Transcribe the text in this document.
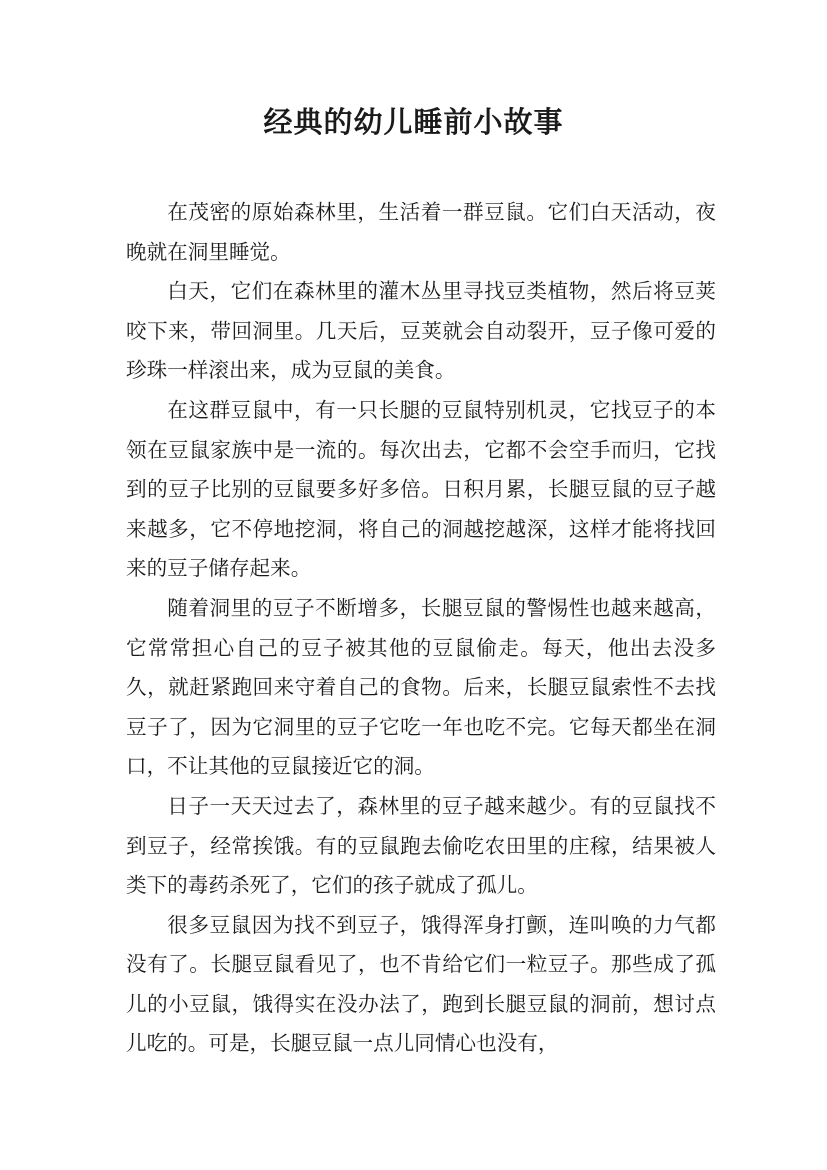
经典的幼儿睡前小故事

在茂密的原始森林里，生活着一群豆鼠。它们白天活动，夜晚就在洞里睡觉。

白天，它们在森林里的灌木丛里寻找豆类植物，然后将豆荚咬下来，带回洞里。几天后，豆荚就会自动裂开，豆子像可爱的珍珠一样滚出来，成为豆鼠的美食。

在这群豆鼠中，有一只长腿的豆鼠特别机灵，它找豆子的本领在豆鼠家族中是一流的。每次出去，它都不会空手而归，它找到的豆子比别的豆鼠要多好多倍。日积月累，长腿豆鼠的豆子越来越多，它不停地挖洞，将自己的洞越挖越深，这样才能将找回来的豆子储存起来。

随着洞里的豆子不断增多，长腿豆鼠的警惕性也越来越高，它常常担心自己的豆子被其他的豆鼠偷走。每天，他出去没多久，就赶紧跑回来守着自己的食物。后来，长腿豆鼠索性不去找豆子了，因为它洞里的豆子它吃一年也吃不完。它每天都坐在洞口，不让其他的豆鼠接近它的洞。

日子一天天过去了，森林里的豆子越来越少。有的豆鼠找不到豆子，经常挨饿。有的豆鼠跑去偷吃农田里的庄稼，结果被人类下的毒药杀死了，它们的孩子就成了孤儿。

很多豆鼠因为找不到豆子，饿得浑身打颤，连叫唤的力气都没有了。长腿豆鼠看见了，也不肯给它们一粒豆子。那些成了孤儿的小豆鼠，饿得实在没办法了，跑到长腿豆鼠的洞前，想讨点儿吃的。可是，长腿豆鼠一点儿同情心也没有，
